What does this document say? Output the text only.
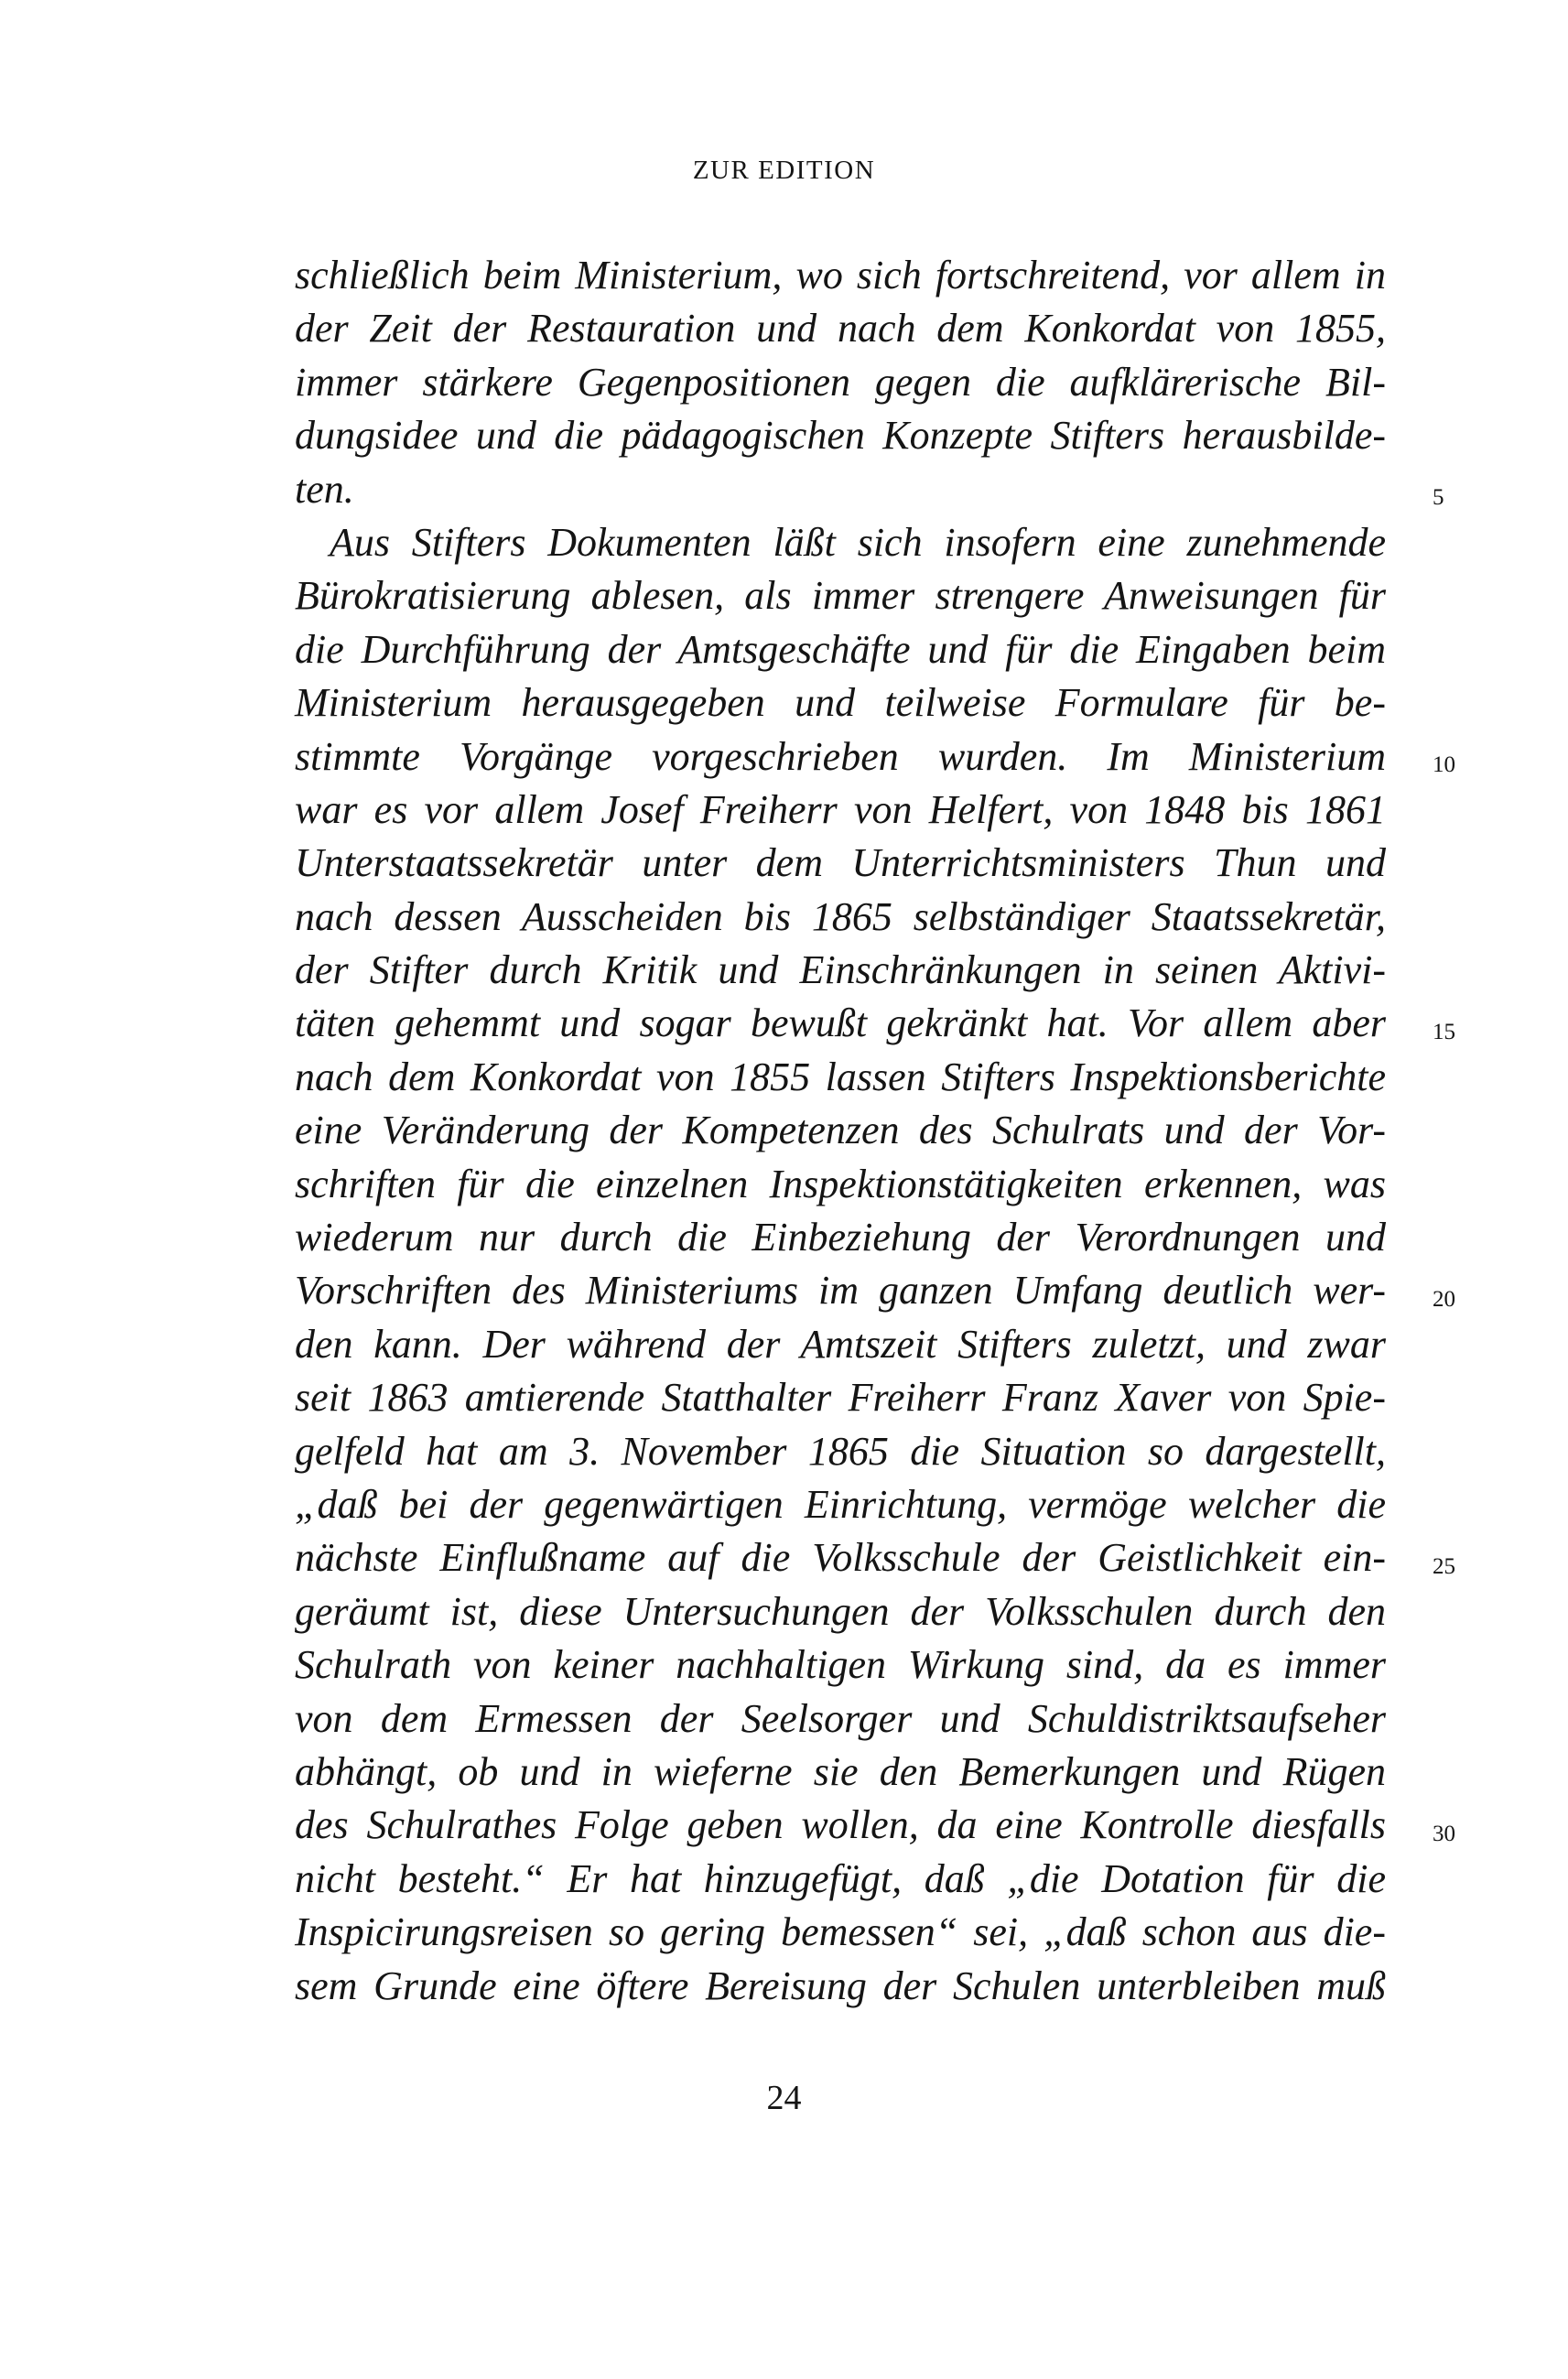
ZUR EDITION
schließlich beim Ministerium, wo sich fortschreitend, vor allem in
der Zeit der Restauration und nach dem Konkordat von 1855,
immer stärkere Gegenpositionen gegen die aufklärerische Bil-
dungsidee und die pädagogischen Konzepte Stifters herausbilde-
ten.
Aus Stifters Dokumenten läßt sich insofern eine zunehmende
Bürokratisierung ablesen, als immer strengere Anweisungen für
die Durchführung der Amtsgeschäfte und für die Eingaben beim
Ministerium herausgegeben und teilweise Formulare für be-
stimmte Vorgänge vorgeschrieben wurden. Im Ministerium
war es vor allem Josef Freiherr von Helfert, von 1848 bis 1861
Unterstaatssekretär unter dem Unterrichtsministers Thun und
nach dessen Ausscheiden bis 1865 selbständiger Staatssekretär,
der Stifter durch Kritik und Einschränkungen in seinen Aktivi-
täten gehemmt und sogar bewußt gekränkt hat. Vor allem aber
nach dem Konkordat von 1855 lassen Stifters Inspektionsberichte
eine Veränderung der Kompetenzen des Schulrats und der Vor-
schriften für die einzelnen Inspektionstätigkeiten erkennen, was
wiederum nur durch die Einbeziehung der Verordnungen und
Vorschriften des Ministeriums im ganzen Umfang deutlich wer-
den kann. Der während der Amtszeit Stifters zuletzt, und zwar
seit 1863 amtierende Statthalter Freiherr Franz Xaver von Spie-
gelfeld hat am 3. November 1865 die Situation so dargestellt,
„daß bei der gegenwärtigen Einrichtung, vermöge welcher die
nächste Einflußname auf die Volksschule der Geistlichkeit ein-
geräumt ist, diese Untersuchungen der Volksschulen durch den
Schulrath von keiner nachhaltigen Wirkung sind, da es immer
von dem Ermessen der Seelsorger und Schuldistriktsaufseher
abhängt, ob und in wieferne sie den Bemerkungen und Rügen
des Schulrathes Folge geben wollen, da eine Kontrolle diesfalls
nicht besteht.“ Er hat hinzugefügt, daß „die Dotation für die
Inspicirungsreisen so gering bemessen“ sei, „daß schon aus die-
sem Grunde eine öftere Bereisung der Schulen unterbleiben muß
5
10
15
20
25
30
24
